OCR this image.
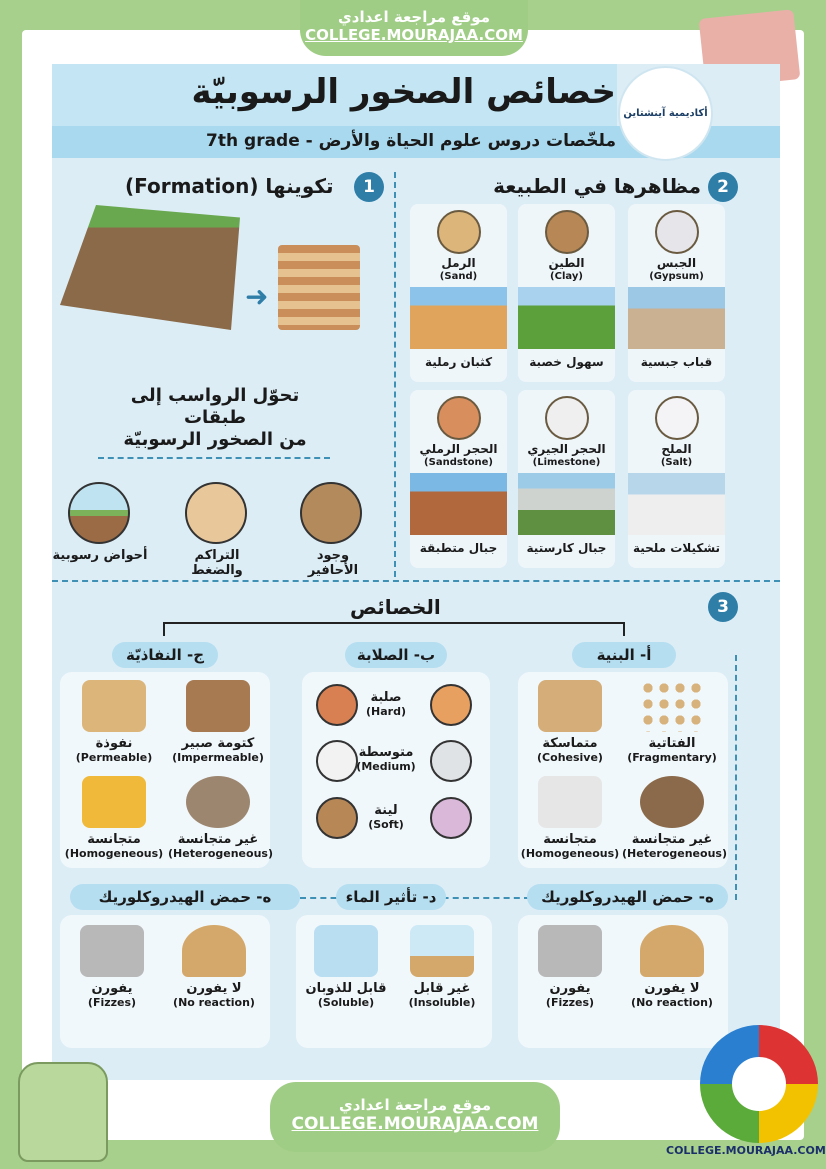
موقع مراجعة اعدادي
COLLEGE.MOURAJAA.COM
خصائص الصخور الرسوبيّة
ملخّصات دروس علوم الحياة والأرض - 7th grade
أكاديمية آينشتاين
1
تكوينها (Formation)
➜
تحوّل الرواسب إلى طبقات
من الصخور الرسوبيّة
وجود الأحافير
التراكم والضغط
أحواض رسوبية
2
مظاهرها في الطبيعة
الجبس
(Gypsum)
قباب جبسية
الطين
(Clay)
سهول خصبة
الرمل
(Sand)
كثبان رملية
الملح
(Salt)
تشكيلات ملحية
الحجر الجيري
(Limestone)
جبال كارستية
الحجر الرملي
(Sandstone)
جبال متطبقة
3
الخصائص
أ- البنية
ب- الصلابة
ج- النفاذيّة
الفتاتية
(Fragmentary)
متماسكة
(Cohesive)
غير متجانسة
(Heterogeneous)
متجانسة
(Homogeneous)
صلبة
(Hard)
متوسطة
(Medium)
لينة
(Soft)
كتومة صبير
(Impermeable)
نفوذة
(Permeable)
غير متجانسة
(Heterogeneous)
متجانسة
(Homogeneous)
ه- حمض الهيدروكلوريك
د- تأثير الماء
ه- حمض الهيدروكلوريك
لا يفورن
(No reaction)
يفورن
(Fizzes)
غير قابل
(Insoluble)
قابل للذوبان
(Soluble)
لا يفورن
(No reaction)
يفورن
(Fizzes)
موقع مراجعة اعدادي
COLLEGE.MOURAJAA.COM
COLLEGE.MOURAJAA.COM
